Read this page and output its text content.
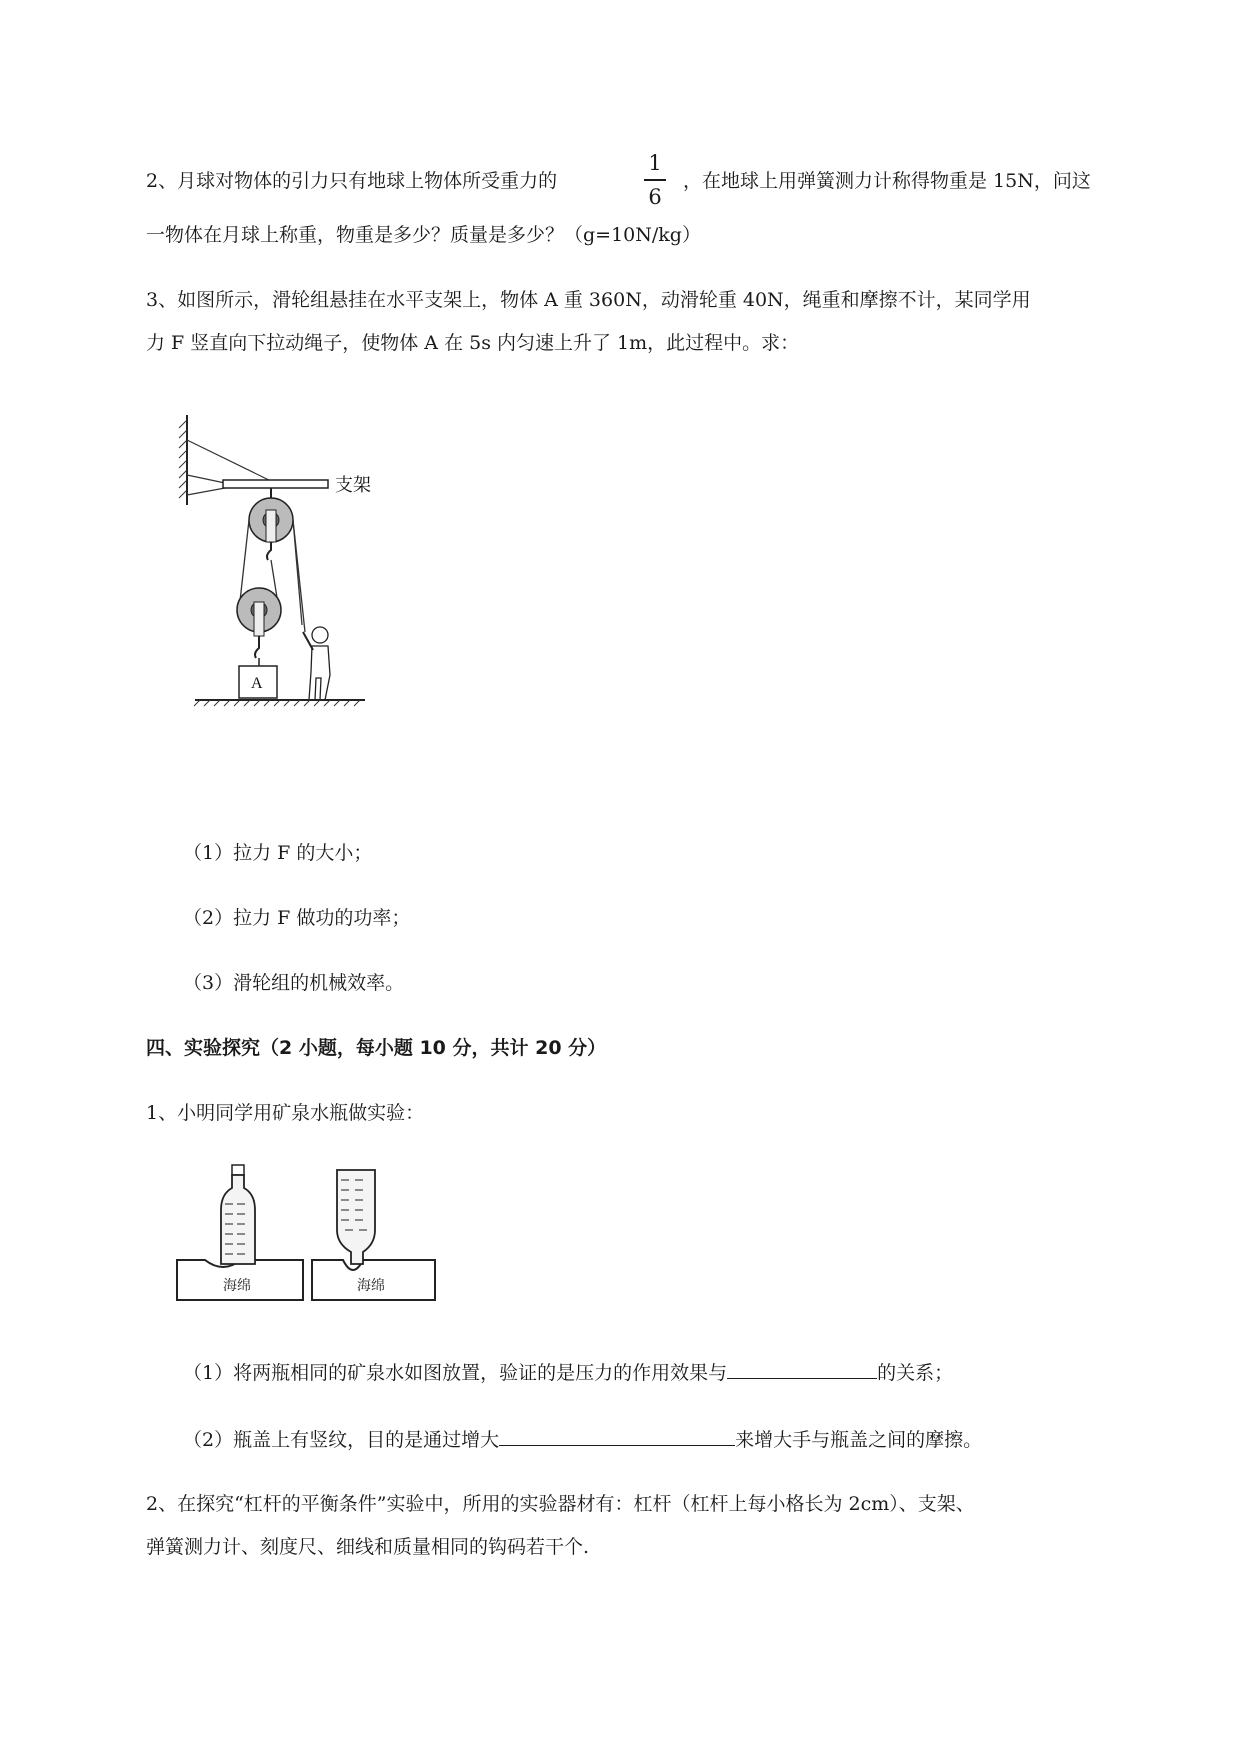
2、月球对物体的引力只有地球上物体所受重力的
1
6
，在地球上用弹簧测力计称得物重是 15N，问这
一物体在月球上称重，物重是多少？质量是多少？（g=10N/kg）
3、如图所示，滑轮组悬挂在水平支架上，物体 A 重 360N，动滑轮重 40N，绳重和摩擦不计，某同学用
力 F 竖直向下拉动绳子，使物体 A 在 5s 内匀速上升了 1m，此过程中。求：
支架
A
（1）拉力 F 的大小；
（2）拉力 F 做功的功率；
（3）滑轮组的机械效率。
四、实验探究（2 小题，每小题 10 分，共计 20 分）
1、小明同学用矿泉水瓶做实验：
海绵	海绵
（1）将两瓶相同的矿泉水如图放置，验证的是压力的作用效果与	的关系；
（2）瓶盖上有竖纹，目的是通过增大	来增大手与瓶盖之间的摩擦。
2、在探究“杠杆的平衡条件”实验中，所用的实验器材有：杠杆（杠杆上每小格长为 2cm）、支架、
弹簧测力计、刻度尺、细线和质量相同的钩码若干个.
